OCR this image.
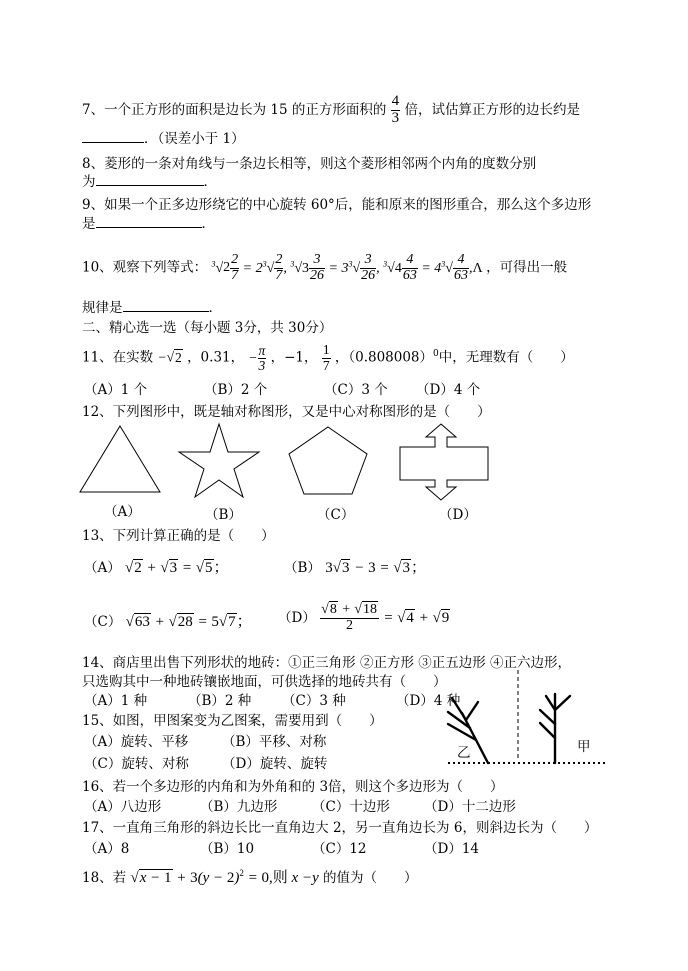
7、一个正方形的面积是边长为 15 的正方形面积的 $\frac{4}{3}$ 倍，试估算正方形的边长约是
．（误差小于 1）
8、菱形的一条对角线与一条边长相等，则这个菱形相邻两个内角的度数分别
为	．
9、如果一个正多边形绕它的中心旋转 60°后，能和原来的图形重合，那么这个多边形
是	．
10、观察下列等式： $^3$√ $2 \frac{2}{7} = 2^3√ \frac{2}{7}$ , $^3√3 \frac{3}{26} = 3^3√ \frac{3}{26}$ , $^3√4 \frac{4}{63} = 4^3√ \frac{4}{63} ,\Lambda$ ，可得出一般
规律是	．
二、精心选一选（每小题 3分，共 30分）
11、在实数 −√2 ，0.31， − $\frac{\pi}{3}$ ，−1， $\frac{1}{7}$ ，$(0.808008)^0$中，无理数有（　　）
（A）1 个	（B）2 个	（C）3 个 （D）4 个
12、下列图形中，既是轴对称图形，又是中心对称图形的是（　　）
（A）	（B）	（C）	（D）
13、下列计算正确的是（　　）
（A） √2 + √3 = √5；	（B） 3√3 − 3 = √3；
（C） √63 + √28 = 5√7； $(D) \frac{√8 + √18}{2} = √4 + √9$
14、商店里出售下列形状的地砖：①正三角形 ②正方形 ③正五边形 ④正六边形，
只选购其中一种地砖镶嵌地面，可供选择的地砖共有（　　）
（A）1 种	（B）2 种 （C）3 种	（D）4 种
15、如图，甲图案变为乙图案，需要用到（　　）
（A）旋转、平移	（B）平移、对称
（C）旋转、对称 （D）旋转、旋转
乙	甲
16、若一个多边形的内角和为外角和的 3倍，则这个多边形为（　　）
（A）八边形	（B）九边形	（C）十边形	（D）十二边形
17、一直角三角形的斜边长比一直角边大 2，另一直角边长为 6，则斜边长为（　　）
（A）8	（B）10	（C）12	（D）14
18、若 $√x - 1 + 3(y - 2)^2 = 0$,则 x −y 的值为（　　）
